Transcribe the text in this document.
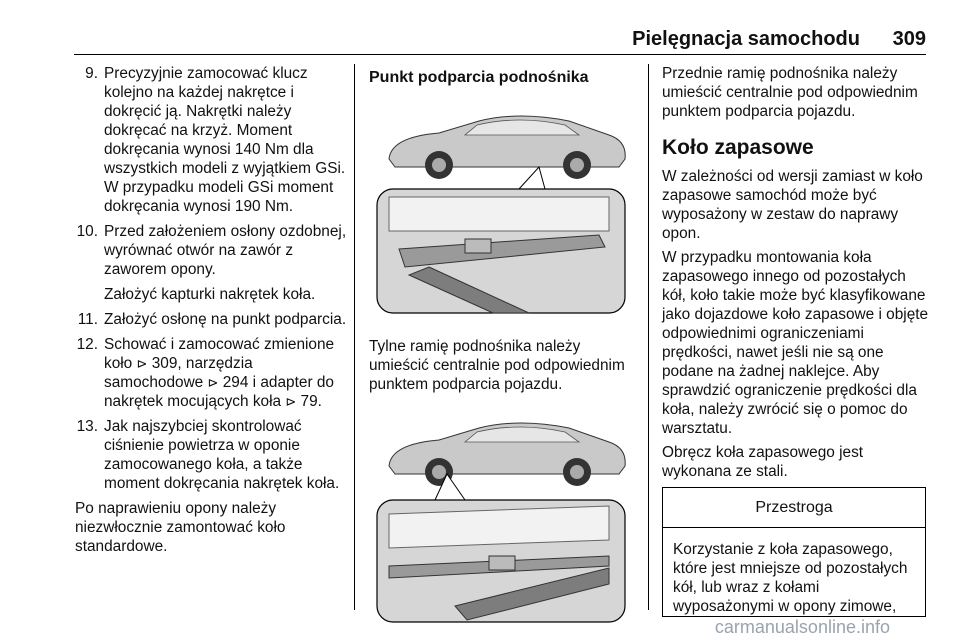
Pielęgnacja samochodu 309
9. Precyzyjnie zamocować klucz kolejno na każdej nakrętce i dokręcić ją. Nakrętki należy dokręcać na krzyż. Moment dokręcania wynosi 140 Nm dla wszystkich modeli z wyjątkiem GSi. W przypadku modeli GSi moment dokręcania wynosi 190 Nm.

10. Przed założeniem osłony ozdobnej, wyrównać otwór na zawór z zaworem opony.

Założyć kapturki nakrętek koła.

11. Założyć osłonę na punkt podparcia.

12. Schować i zamocować zmienione koło ⊳ 309, narzędzia samochodowe ⊳ 294 i adapter do nakrętek mocujących koła ⊳ 79.

13. Jak najszybciej skontrolować ciśnienie powietrza w oponie zamocowanego koła, a także moment dokręcania nakrętek koła.

Po naprawieniu opony należy niezwłocznie zamontować koło standardowe.

Punkt podparcia podnośnika

Tylne ramię podnośnika należy umieścić centralnie pod odpowiednim punktem podparcia pojazdu.

Przednie ramię podnośnika należy umieścić centralnie pod odpowiednim punktem podparcia pojazdu.

Koło zapasowe

W zależności od wersji zamiast w koło zapasowe samochód może być wyposażony w zestaw do naprawy opon.

W przypadku montowania koła zapasowego innego od pozostałych kół, koło takie może być klasyfikowane jako dojazdowe koło zapasowe i objęte odpowiednimi ograniczeniami prędkości, nawet jeśli nie są one podane na żadnej naklejce. Aby sprawdzić ograniczenie prędkości dla koła, należy zwrócić się o pomoc do warsztatu.

Obręcz koła zapasowego jest wykonana ze stali.

Przestroga
Korzystanie z koła zapasowego, które jest mniejsze od pozostałych kół, lub wraz z kołami wyposażonymi w opony zimowe,
carmanualsonline.info
